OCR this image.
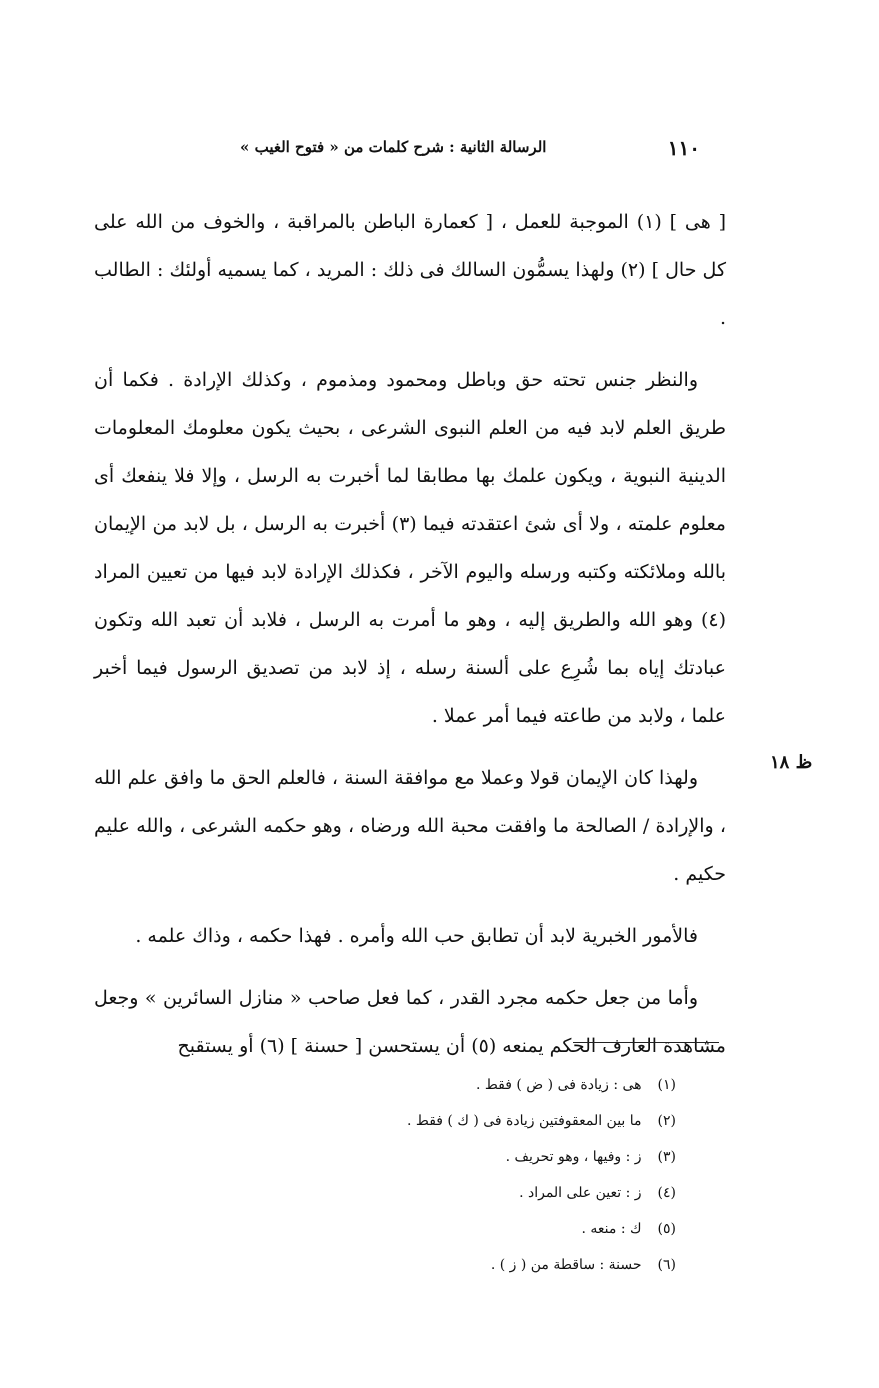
١١٠
الرسالة الثانية : شرح كلمات من « فتوح الغيب »

[ هى ] (١) الموجبة للعمل ، [ كعمارة الباطن بالمراقبة ، والخوف من الله على كل حال ] (٢) ولهذا يسمُّون السالك فى ذلك : المريد ، كما يسميه أولئك : الطالب .

والنظر جنس تحته حق وباطل ومحمود ومذموم ، وكذلك الإرادة . فكما أن طريق العلم لابد فيه من العلم النبوى الشرعى ، بحيث يكون معلومك المعلومات الدينية النبوية ، ويكون علمك بها مطابقا لما أخبرت به الرسل ، وإلا فلا ينفعك أى معلوم علمته ، ولا أى شئ اعتقدته فيما (٣) أخبرت به الرسل ، بل لابد من الإيمان بالله وملائكته وكتبه ورسله واليوم الآخر ، فكذلك الإرادة لابد فيها من تعيين المراد (٤) وهو الله والطريق إليه ، وهو ما أمرت به الرسل ، فلابد أن تعبد الله وتكون عبادتك إياه بما شُرِع على ألسنة رسله ، إذ لابد من تصديق الرسول فيما أخبر علما ، ولابد من طاعته فيما أمر عملا .

ولهذا كان الإيمان قولا وعملا مع موافقة السنة ، فالعلم الحق ما وافق علم الله ، والإرادة / الصالحة ما وافقت محبة الله ورضاه ، وهو حكمه الشرعى ، والله عليم حكيم .

فالأمور الخبرية لابد أن تطابق حب الله وأمره . فهذا حكمه ، وذاك علمه .

وأما من جعل حكمه مجرد القدر ، كما فعل صاحب « منازل السائرين » وجعل مشاهدة العارف الحكم يمنعه (٥) أن يستحسن [ حسنة ] (٦) أو يستقبح

ظ ١٨
(١) هى : زيادة فى ( ض ) فقط .
(٢) ما بين المعقوفتين زيادة فى ( ك ) فقط .
(٣) ز : وفيها ، وهو تحريف .
(٤) ز : تعين على المراد .
(٥) ك : منعه .
(٦) حسنة : ساقطة من ( ز ) .
